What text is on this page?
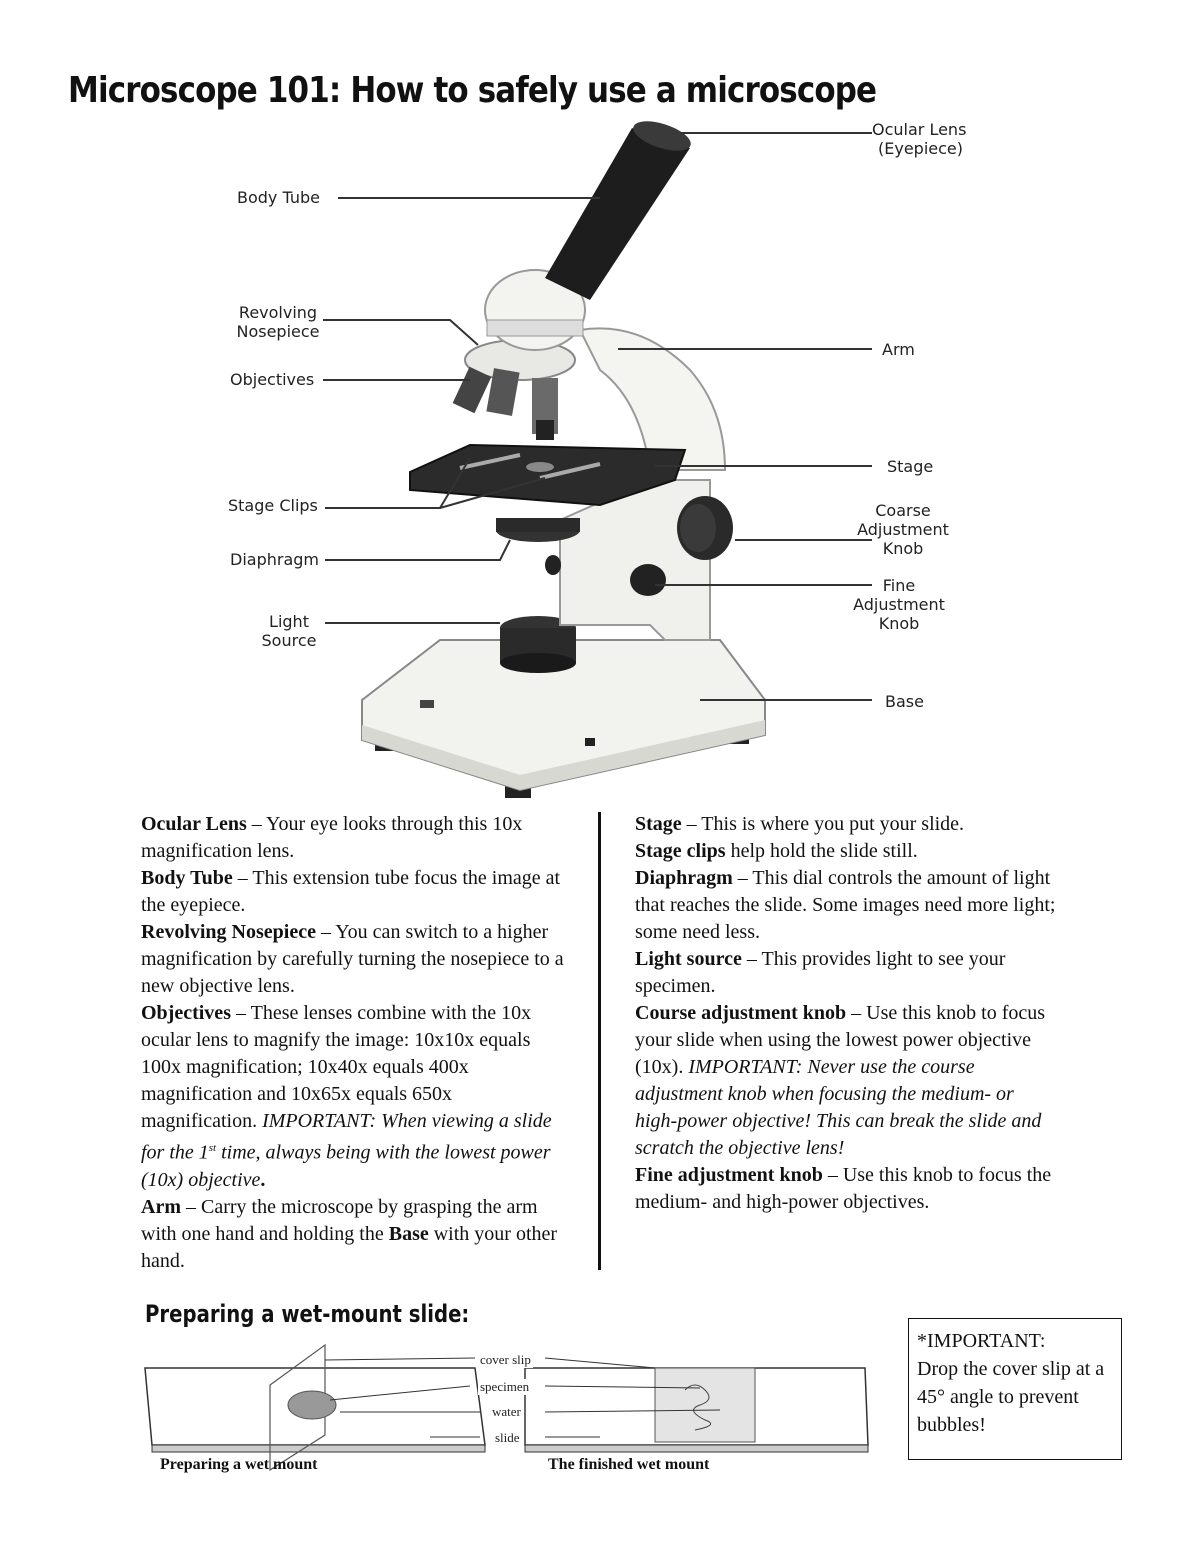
Microscope 101: How to safely use a microscope
Ocular Lens
(Eyepiece)
Body Tube
Revolving
Nosepiece
Objectives
Arm
Stage
Stage Clips	Coarse
Adjustment
Knob
Diaphragm
Fine
Adjustment
Knob
Light
Source
Base

Ocular Lens – Your eye looks through this 10x magnification lens.

Body Tube – This extension tube focus the image at the eyepiece.

Revolving Nosepiece – You can switch to a higher magnification by carefully turning the nosepiece to a new objective lens.

Objectives – These lenses combine with the 10x ocular lens to magnify the image: 10x10x equals 100x magnification; 10x40x equals 400x magnification and 10x65x equals 650x magnification. IMPORTANT: When viewing a slide for the 1st time, always being with the lowest power (10x) objective.

Arm – Carry the microscope by grasping the arm with one hand and holding the Base with your other hand.

Stage – This is where you put your slide.

Stage clips help hold the slide still.

Diaphragm – This dial controls the amount of light that reaches the slide. Some images need more light; some need less.

Light source – This provides light to see your specimen.

Course adjustment knob – Use this knob to focus your slide when using the lowest power objective (10x). IMPORTANT: Never use the course adjustment knob when focusing the medium- or high-power objective! This can break the slide and scratch the objective lens!

Fine adjustment knob – Use this knob to focus the medium- and high-power objectives.

Preparing a wet-mount slide:
cover slip
specimen
water
slide
Preparing a wet mount	The finished wet mount
*IMPORTANT:
Drop the cover slip at a 45° angle to prevent bubbles!
